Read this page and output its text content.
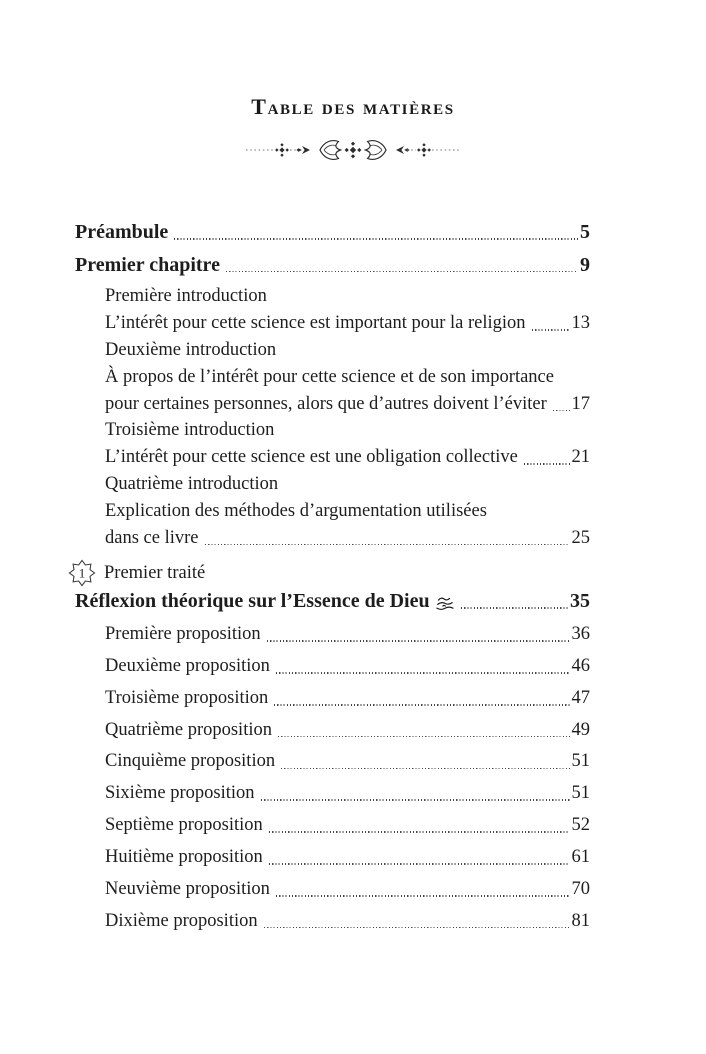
Table des matières
Préambule	5
Premier chapitre	9
Première introduction
L’intérêt pour cette science est important pour la religion 13
Deuxième introduction
À propos de l’intérêt pour cette science et de son importance
pour certaines personnes, alors que d’autres doivent l’éviter 17
Troisième introduction
L’intérêt pour cette science est une obligation collective	21
Quatrième introduction
Explication des méthodes d’argumentation utilisées
dans ce livre	25
1 Premier traité
Réflexion théorique sur l’Essence de Dieu	35
Première proposition	36
Deuxième proposition	46
Troisième proposition	47
Quatrième proposition	49
Cinquième proposition	51
Sixième proposition	51
Septième proposition	52
Huitième proposition	61
Neuvième proposition	70
Dixième proposition	81
